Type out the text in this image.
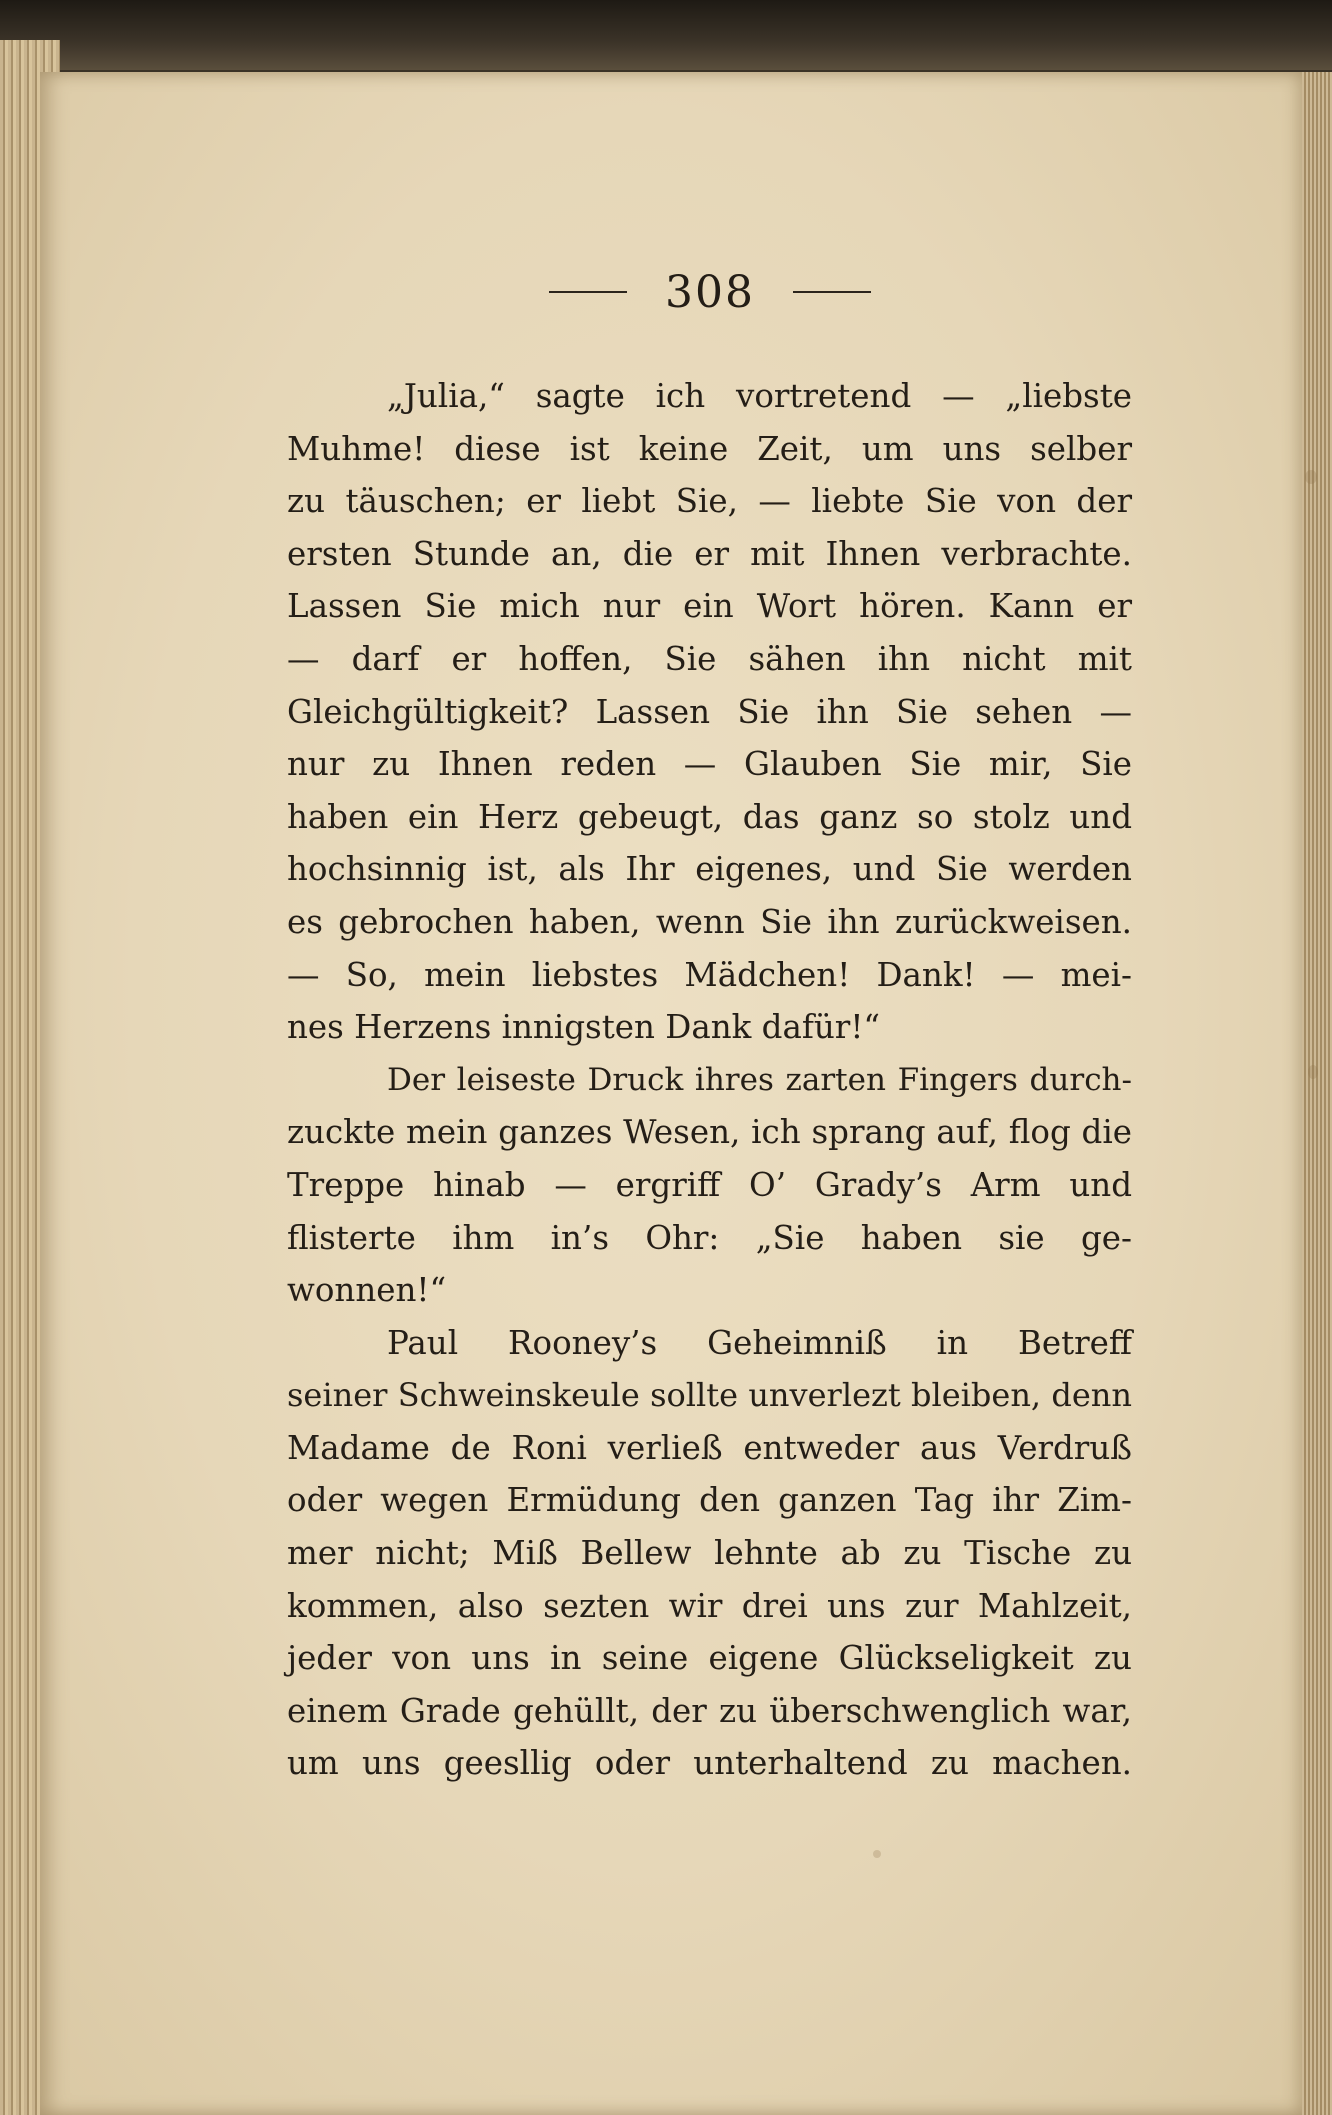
308
„Julia,“ sagte ich vortretend — „liebste
Muhme! diese ist keine Zeit, um uns selber
zu täuschen; er liebt Sie, — liebte Sie von der
ersten Stunde an, die er mit Ihnen verbrachte.
Lassen Sie mich nur ein Wort hören. Kann er
— darf er hoffen, Sie sähen ihn nicht mit
Gleichgültigkeit? Lassen Sie ihn Sie sehen —
nur zu Ihnen reden — Glauben Sie mir, Sie
haben ein Herz gebeugt, das ganz so stolz und
hochsinnig ist, als Ihr eigenes, und Sie werden
es gebrochen haben, wenn Sie ihn zurückweisen.
— So, mein liebstes Mädchen! Dank! — mei-
nes Herzens innigsten Dank dafür!“
Der leiseste Druck ihres zarten Fingers durch-
zuckte mein ganzes Wesen, ich sprang auf, flog die
Treppe hinab — ergriff O’ Grady’s Arm und
flisterte ihm in’s Ohr: „Sie haben sie ge-
wonnen!“
Paul Rooney’s Geheimniß in Betreff
seiner Schweinskeule sollte unverlezt bleiben, denn
Madame de Roni verließ entweder aus Verdruß
oder wegen Ermüdung den ganzen Tag ihr Zim-
mer nicht; Miß Bellew lehnte ab zu Tische zu
kommen, also sezten wir drei uns zur Mahlzeit,
jeder von uns in seine eigene Glückseligkeit zu
einem Grade gehüllt, der zu überschwenglich war,
um uns geesllig oder unterhaltend zu machen.
